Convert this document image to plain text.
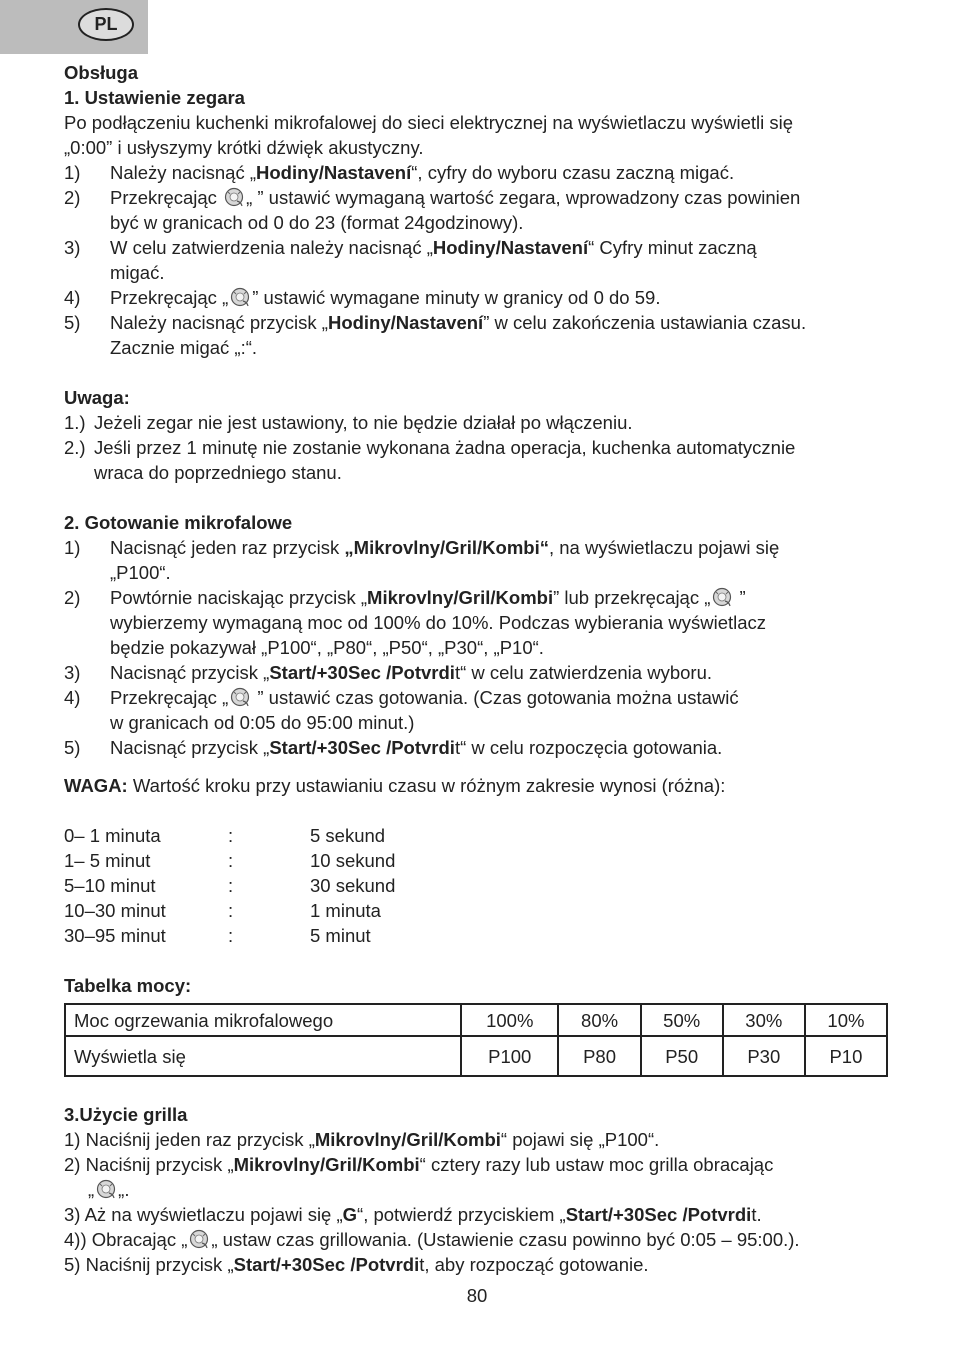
PL
Obsługa
1. Ustawienie zegara
Po podłączeniu kuchenki mikrofalowej do sieci elektrycznej na wyświetlaczu wyświetli się
„0:00” i usłyszymy krótki dźwięk akustyczny.
1) Należy nacisnąć „Hodiny/Nastavení“, cyfry do wyboru czasu zaczną migać.
2) Przekręcając
„ ” ustawić wymaganą wartość zegara, wprowadzony czas powinien
być w granicach od 0 do 23 (format 24godzinowy).
3) W celu zatwierdzenia należy nacisnąć „Hodiny/Nastavení“ Cyfry minut zaczną
migać.
4) Przekręcając „ ” ustawić wymagane minuty w granicy od 0 do 59.
5) Należy nacisnąć przycisk „Hodiny/Nastavení” w celu zakończenia ustawiania czasu.
Zacznie migać „:“.
Uwaga:
1.) Jeżeli zegar nie jest ustawiony, to nie będzie działał po włączeniu.
2.) Jeśli przez 1 minutę nie zostanie wykonana żadna operacja, kuchenka automatycznie
wraca do poprzedniego stanu.
2. Gotowanie mikrofalowe
1) Nacisnąć jeden raz przycisk „Mikrovlny/Gril/Kombi“, na wyświetlaczu pojawi się
„P100“.
2) Powtórnie naciskając przycisk „Mikrovlny/Gril/Kombi” lub przekręcając „
”
wybierzemy wymaganą moc od 100% do 10%. Podczas wybierania wyświetlacz
będzie pokazywał „P100“, „P80“, „P50“, „P30“, „P10“.
3) Nacisnąć przycisk „Start/+30Sec /Potvrdit“ w celu zatwierdzenia wyboru.
4) Przekręcając „
” ustawić czas gotowania. (Czas gotowania można ustawić
w granicach od 0:05 do 95:00 minut.)
5) Nacisnąć przycisk „Start/+30Sec /Potvrdit“ w celu rozpoczęcia gotowania.
WAGA: Wartość kroku przy ustawianiu czasu w różnym zakresie wynosi (różna):
0– 1 minuta	:	5 sekund
1– 5 minut	:	10 sekund
5–10 minut	:	30 sekund
10–30 minut	:	1 minuta
30–95 minut	:	5 minut
Tabelka mocy:
Moc ogrzewania mikrofalowego	100%	80%	50%	30%	10%
Wyświetla się	P100	P80	P50	P30	P10
3.Użycie grilla
1) Naciśnij jeden raz przycisk „Mikrovlny/Gril/Kombi“ pojawi się „P100“.
2) Naciśnij przycisk „Mikrovlny/Gril/Kombi“ cztery razy lub ustaw moc grilla obracając
„ „.
3) Aż na wyświetlaczu pojawi się „G“, potwierdź przyciskiem „Start/+30Sec /Potvrdit.
4)) Obracając „ „ ustaw czas grillowania. (Ustawienie czasu powinno być 0:05 – 95:00.).
5) Naciśnij przycisk „Start/+30Sec /Potvrdit, aby rozpocząć gotowanie.
80
